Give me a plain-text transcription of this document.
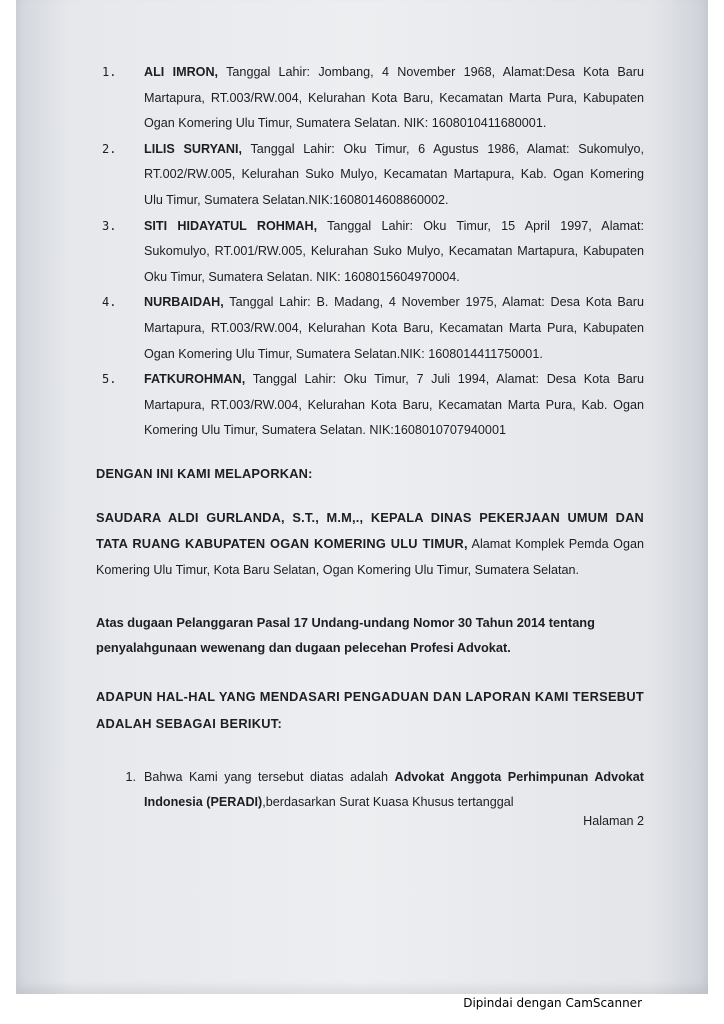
1.	ALI IMRON, Tanggal Lahir: Jombang, 4 November 1968, Alamat:Desa Kota Baru Martapura, RT.003/RW.004, Kelurahan Kota Baru, Kecamatan Marta Pura, Kabupaten Ogan Komering Ulu Timur, Sumatera Selatan. NIK: 1608010411680001.
2.	LILIS SURYANI, Tanggal Lahir: Oku Timur, 6 Agustus 1986, Alamat: Sukomulyo, RT.002/RW.005, Kelurahan Suko Mulyo, Kecamatan Martapura, Kab. Ogan Komering Ulu Timur, Sumatera Selatan.NIK:1608014608860002.
3.	SITI HIDAYATUL ROHMAH, Tanggal Lahir: Oku Timur, 15 April 1997, Alamat: Sukomulyo, RT.001/RW.005, Kelurahan Suko Mulyo, Kecamatan Martapura, Kabupaten Oku Timur, Sumatera Selatan. NIK: 1608015604970004.
4.	NURBAIDAH, Tanggal Lahir: B. Madang, 4 November 1975, Alamat: Desa Kota Baru Martapura, RT.003/RW.004, Kelurahan Kota Baru, Kecamatan Marta Pura, Kabupaten Ogan Komering Ulu Timur, Sumatera Selatan.NIK: 1608014411750001.
5.	FATKUROHMAN, Tanggal Lahir: Oku Timur, 7 Juli 1994, Alamat: Desa Kota Baru Martapura, RT.003/RW.004, Kelurahan Kota Baru, Kecamatan Marta Pura, Kab. Ogan Komering Ulu Timur, Sumatera Selatan. NIK:1608010707940001
DENGAN INI KAMI MELAPORKAN:
SAUDARA ALDI GURLANDA, S.T., M.M,., KEPALA DINAS PEKERJAAN UMUM DAN TATA RUANG KABUPATEN OGAN KOMERING ULU TIMUR, Alamat Komplek Pemda Ogan Komering Ulu Timur, Kota Baru Selatan, Ogan Komering Ulu Timur, Sumatera Selatan.
Atas dugaan Pelanggaran Pasal 17 Undang-undang Nomor 30 Tahun 2014 tentang penyalahgunaan wewenang dan dugaan pelecehan Profesi Advokat.
ADAPUN HAL-HAL YANG MENDASARI PENGADUAN DAN LAPORAN KAMI TERSEBUT ADALAH SEBAGAI BERIKUT:
1. Bahwa Kami yang tersebut diatas adalah Advokat Anggota Perhimpunan Advokat Indonesia (PERADI),berdasarkan Surat Kuasa Khusus tertanggal
Halaman 2
Dipindai dengan CamScanner
